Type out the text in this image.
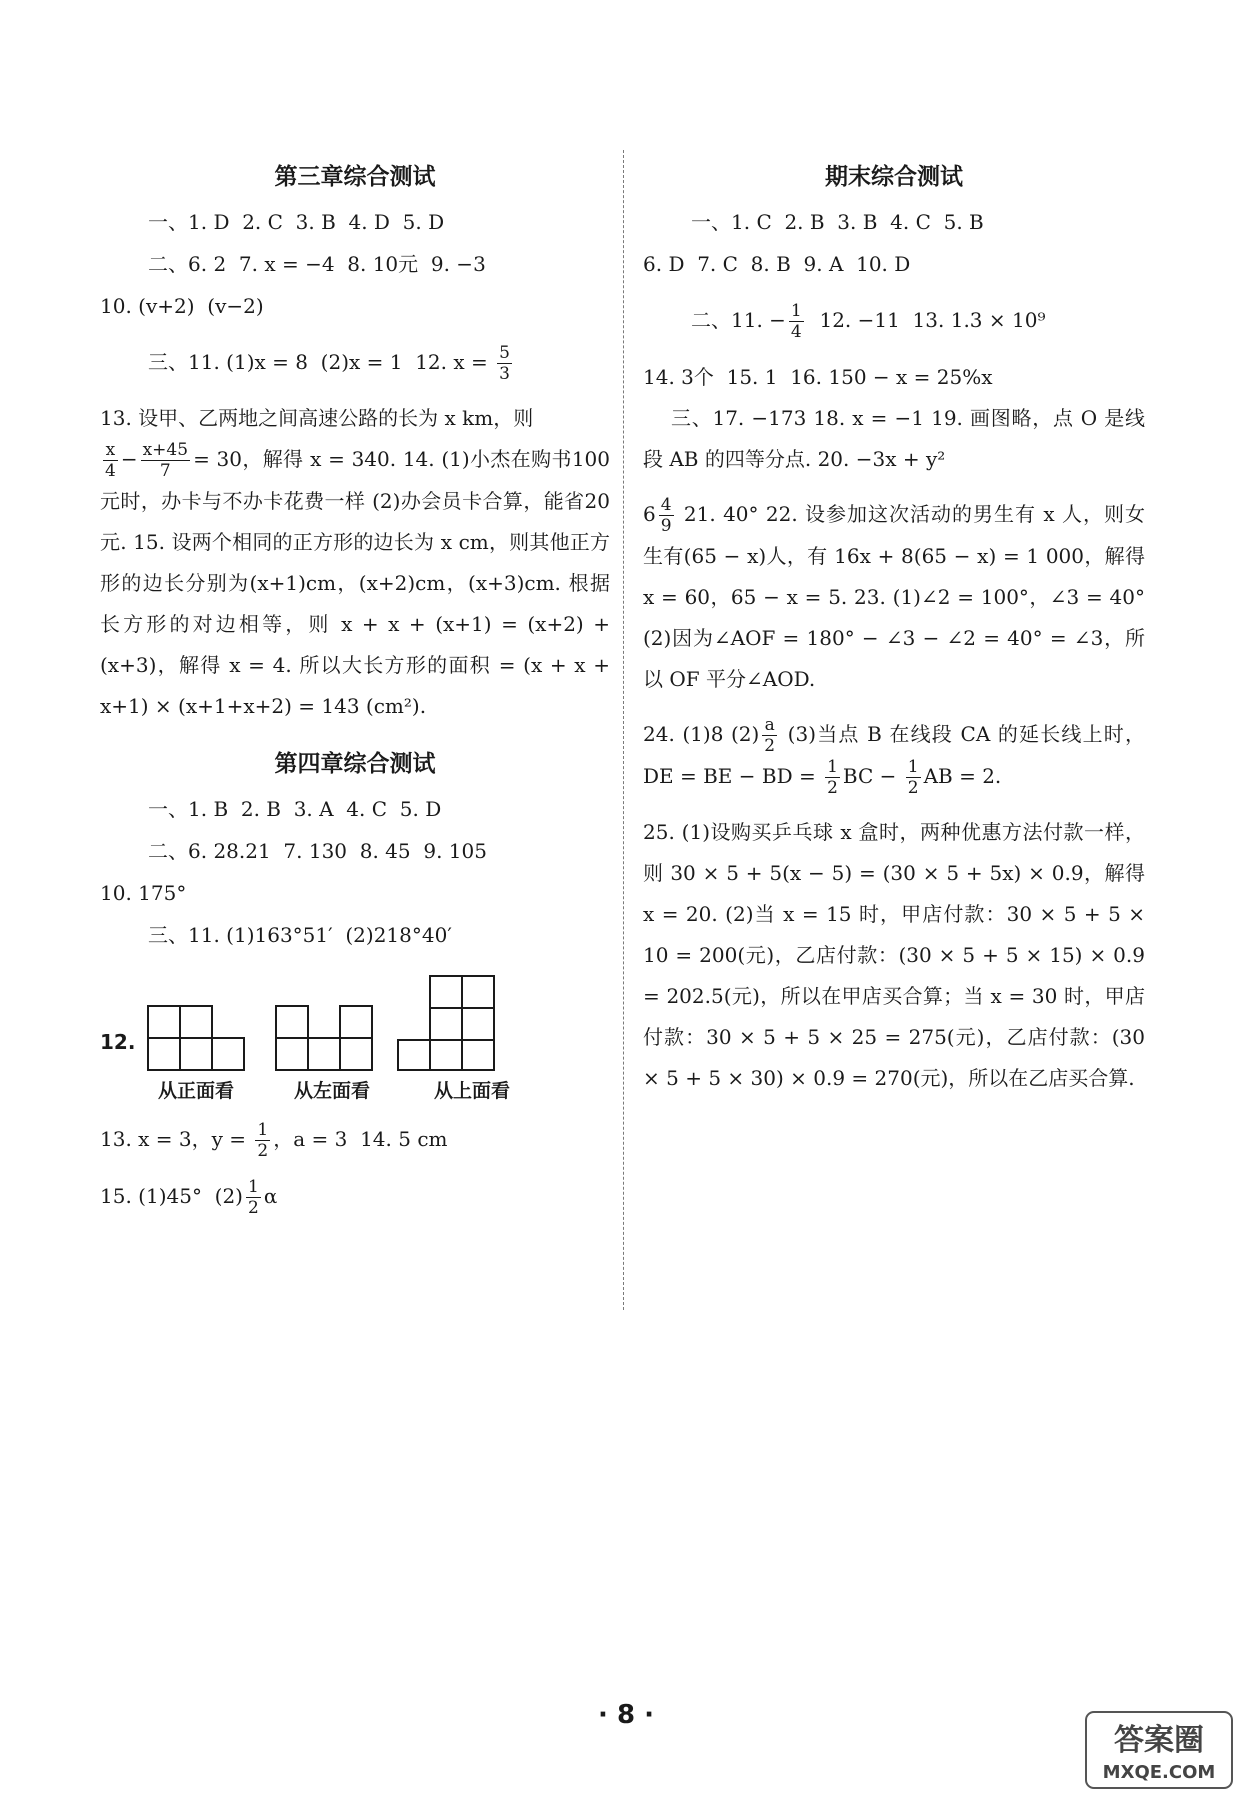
第三章综合测试
一、1. D  2. C  3. B  4. D  5. D
二、6. 2  7. x = −4  8. 10元  9. −3
10. (v+2)  (v−2)
三、11. (1)x = 8  (2)x = 1  12. $x = \frac{5}{3}$
13. 设甲、乙两地之间高速公路的长为 x km，则

$\frac{x}{4} - \frac{x+45}{7} = 30$，解得 x = 340. 14. (1)小杰在购书100元时，办卡与不办卡花费一样 (2)办会员卡合算，能省20元. 15. 设两个相同的正方形的边长为 x cm，则其他正方形的边长分别为(x+1)cm，(x+2)cm，(x+3)cm. 根据长方形的对边相等，则 x + x + (x+1) = (x+2) + (x+3)，解得 x = 4. 所以大长方形的面积 = (x + x + x+1) × (x+1+x+2) = 143 (cm²).
第四章综合测试
一、1. B  2. B  3. A  4. C  5. D
二、6. 28.21  7. 130  8. 45  9. 105
10. 175°
三、11. (1)163°51′  (2)218°40′
12.
从正面看	从左面看	从上面看
13. x = 3，$y = \frac{1}{2}$ ，a = 3  14. 5 cm
15. (1)45°  $(2) \frac{1}{2}$ α
期末综合测试
一、1. C  2. B  3. B  4. C  5. B
6. D  7. C  8. B  9. A  10. D
二、11. − $\frac{1}{4} 12$. −11  13. 1.3 × 10⁹
14. 3个  15. 1  16. 150 − x = 25%x
三、17. −173 18. x = −1 19. 画图略，点 O 是线段 AB 的四等分点. 20. −3x + y²
$6 \frac{4}{9} 21$. 40° 22. 设参加这次活动的男生有 x 人，则女生有(65 − x)人，有 16x + 8(65 − x) = 1 000，解得 x = 60，65 − x = 5. 23. (1)∠2 = 100°，∠3 = 40° (2)因为∠AOF = 180° − ∠3 − ∠2 = 40° = ∠3，所以 OF 平分∠AOD.
24. (1)8 $(2) \frac{a}{2} (3)$当点 B 在线段 CA 的延长线上时，DE = BE − BD = $\frac{1}{2}$ BC − $\frac{1}{2}$ AB = 2.
25. (1)设购买乒乓球 x 盒时，两种优惠方法付款一样，则 30 × 5 + 5(x − 5) = (30 × 5 + 5x) × 0.9，解得 x = 20. (2)当 x = 15 时，甲店付款：30 × 5 + 5 × 10 = 200(元)，乙店付款：(30 × 5 + 5 × 15) × 0.9 = 202.5(元)，所以在甲店买合算；当 x = 30 时，甲店付款：30 × 5 + 5 × 25 = 275(元)，乙店付款：(30 × 5 + 5 × 30) × 0.9 = 270(元)，所以在乙店买合算.
· 8 ·
答案圈
MXQE.COM
